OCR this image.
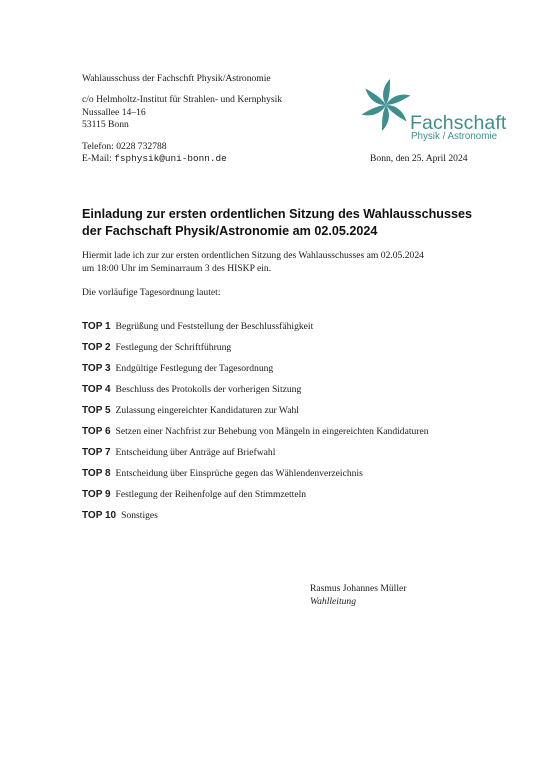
Wahlausschuss der Fachschft Physik/Astronomie
c/o Helmholtz-Institut für Strahlen- und Kernphysik
Nussallee 14–16
53115 Bonn
Telefon: 0228 732788
E-Mail: fsphysik@uni-bonn.de
Fachschaft
Physik / Astronomie
Bonn, den 25. April 2024
Einladung zur ersten ordentlichen Sitzung des Wahlausschusses
der Fachschaft Physik/Astronomie am 02.05.2024
Hiermit lade ich zur zur ersten ordentlichen Sitzung des Wahlausschusses am 02.05.2024
um 18:00 Uhr im Seminarraum 3 des HISKP ein.
Die vorläufige Tagesordnung lautet:
TOP 1 Begrüßung und Feststellung der Beschlussfähigkeit
TOP 2 Festlegung der Schriftführung
TOP 3 Endgültige Festlegung der Tagesordnung
TOP 4 Beschluss des Protokolls der vorherigen Sitzung
TOP 5 Zulassung eingereichter Kandidaturen zur Wahl
TOP 6 Setzen einer Nachfrist zur Behebung von Mängeln in eingereichten Kandidaturen
TOP 7 Entscheidung über Anträge auf Briefwahl
TOP 8 Entscheidung über Einsprüche gegen das Wählendenverzeichnis
TOP 9 Festlegung der Reihenfolge auf den Stimmzetteln
TOP 10 Sonstiges
Rasmus Johannes Müller
Wahlleitung
